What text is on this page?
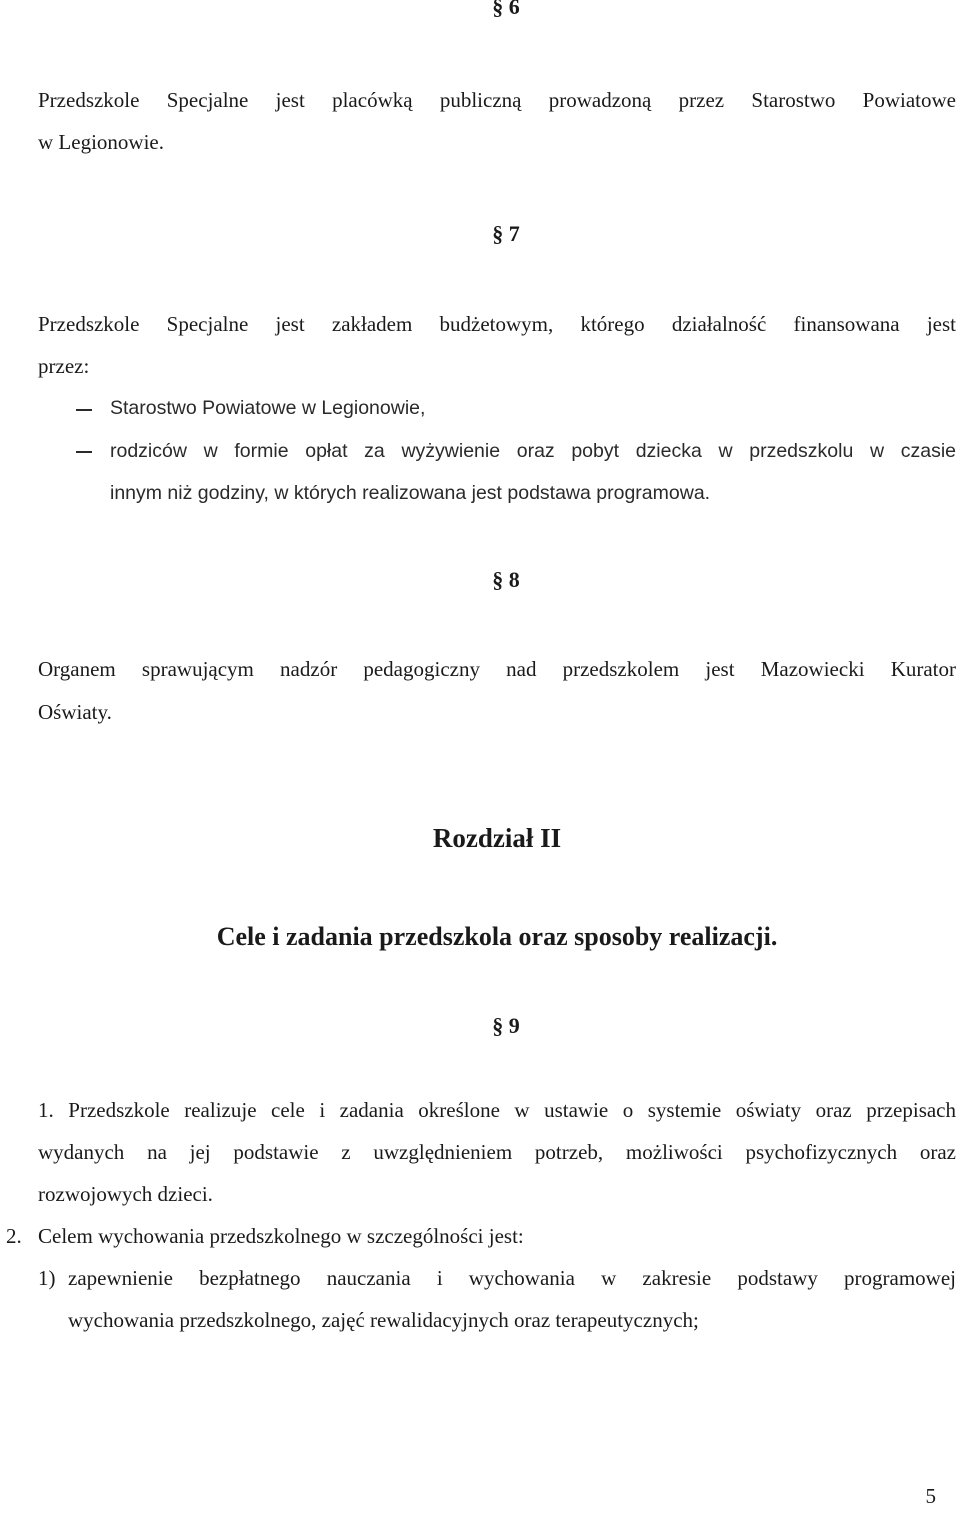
§ 6
Przedszkole Specjalne jest placówką publiczną prowadzoną przez Starostwo Powiatowe
w Legionowie.
§ 7
Przedszkole Specjalne jest zakładem budżetowym, którego działalność finansowana jest
przez:
Starostwo Powiatowe w Legionowie,
rodziców w formie opłat za wyżywienie oraz pobyt dziecka w przedszkolu w czasie
innym niż godziny, w których realizowana jest podstawa programowa.
§ 8
Organem sprawującym nadzór pedagogiczny nad przedszkolem jest Mazowiecki Kurator
Oświaty.
Rozdział II
Cele i zadania przedszkola oraz sposoby realizacji.
§ 9
1. Przedszkole realizuje cele i zadania określone w ustawie o systemie oświaty oraz przepisach
wydanych na jej podstawie z uwzględnieniem potrzeb, możliwości psychofizycznych oraz
rozwojowych dzieci.
2. Celem wychowania przedszkolnego w szczególności jest:
1) zapewnienie bezpłatnego nauczania i wychowania w zakresie podstawy programowej
wychowania przedszkolnego, zajęć rewalidacyjnych oraz terapeutycznych;
5
